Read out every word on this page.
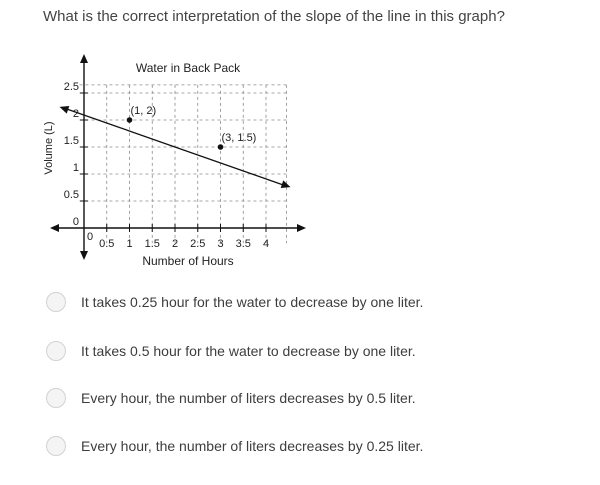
What is the correct interpretation of the slope of the line in this graph?
0
0.5 1 1.5 2 2.5 3 3.5 4
0
0.5
1
1.5
2
2.5
(1, 2)
(3, 1.5)
Water in Back Pack
Number of Hours
Volume (L)
It takes 0.25 hour for the water to decrease by one liter.
It takes 0.5 hour for the water to decrease by one liter.
Every hour, the number of liters decreases by 0.5 liter.
Every hour, the number of liters decreases by 0.25 liter.
